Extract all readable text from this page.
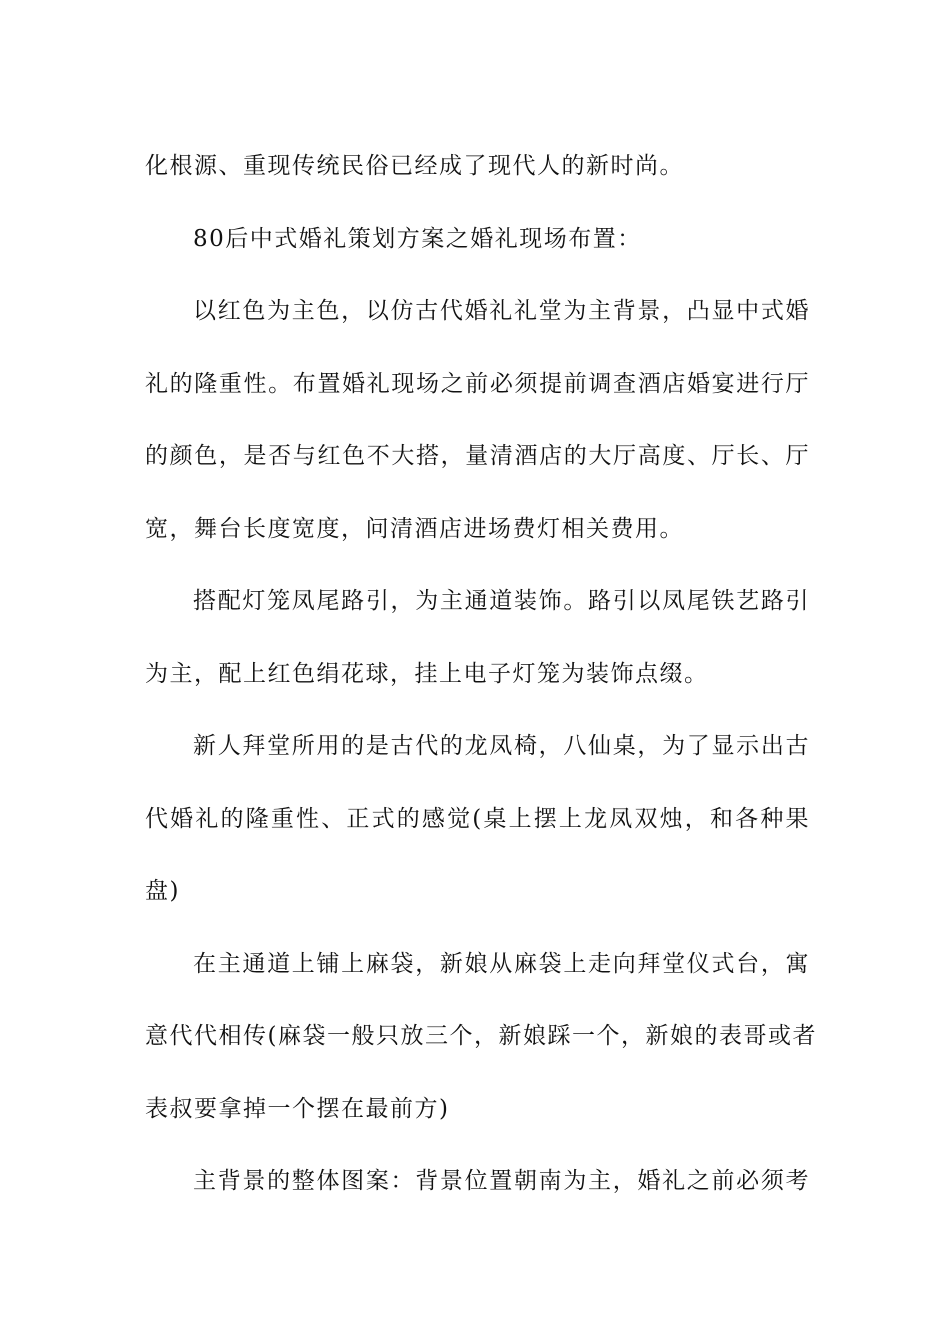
化根源、重现传统民俗已经成了现代人的新时尚。

80后中式婚礼策划方案之婚礼现场布置：

以红色为主色，以仿古代婚礼礼堂为主背景，凸显中式婚
礼的隆重性。布置婚礼现场之前必须提前调查酒店婚宴进行厅
的颜色，是否与红色不大搭，量清酒店的大厅高度、厅长、厅
宽，舞台长度宽度，问清酒店进场费灯相关费用。

搭配灯笼凤尾路引，为主通道装饰。路引以凤尾铁艺路引
为主，配上红色绢花球，挂上电子灯笼为装饰点缀。

新人拜堂所用的是古代的龙凤椅，八仙桌，为了显示出古
代婚礼的隆重性、正式的感觉(桌上摆上龙凤双烛，和各种果
盘)

在主通道上铺上麻袋，新娘从麻袋上走向拜堂仪式台，寓
意代代相传(麻袋一般只放三个，新娘踩一个，新娘的表哥或者
表叔要拿掉一个摆在最前方)

主背景的整体图案：背景位置朝南为主，婚礼之前必须考
